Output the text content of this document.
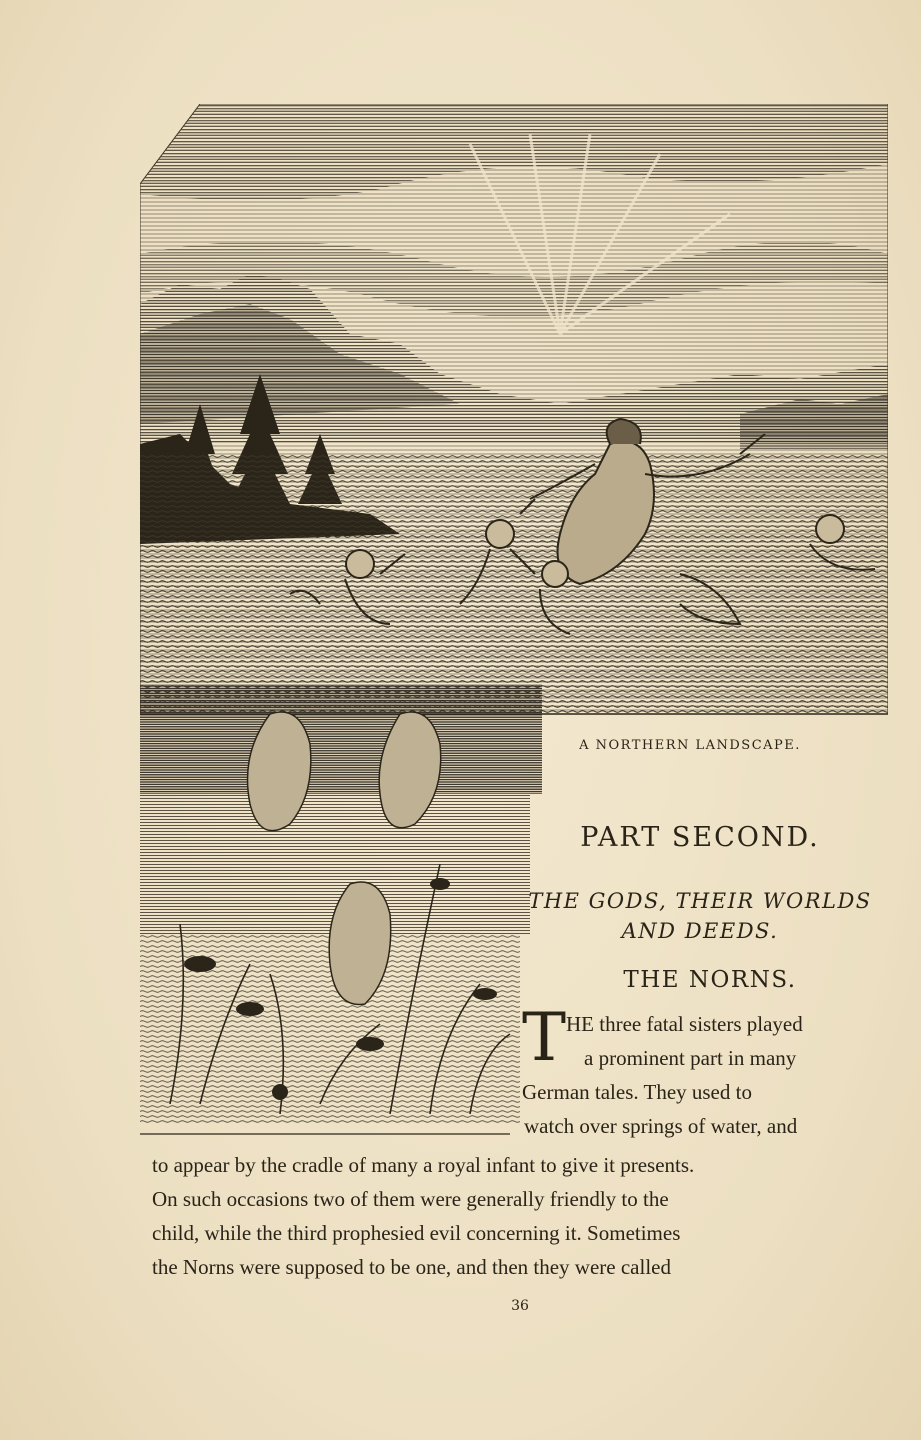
A NORTHERN LANDSCAPE.
PART SECOND.
THE GODS, THEIR WORLDS
AND DEEDS.
THE NORNS.
T HE three fatal sisters played
a prominent part in many
German tales. They used to
watch over springs of water, and
to appear by the cradle of many a royal infant to give it presents.
On such occasions two of them were generally friendly to the
child, while the third prophesied evil concerning it. Sometimes
the Norns were supposed to be one, and then they were called
36
